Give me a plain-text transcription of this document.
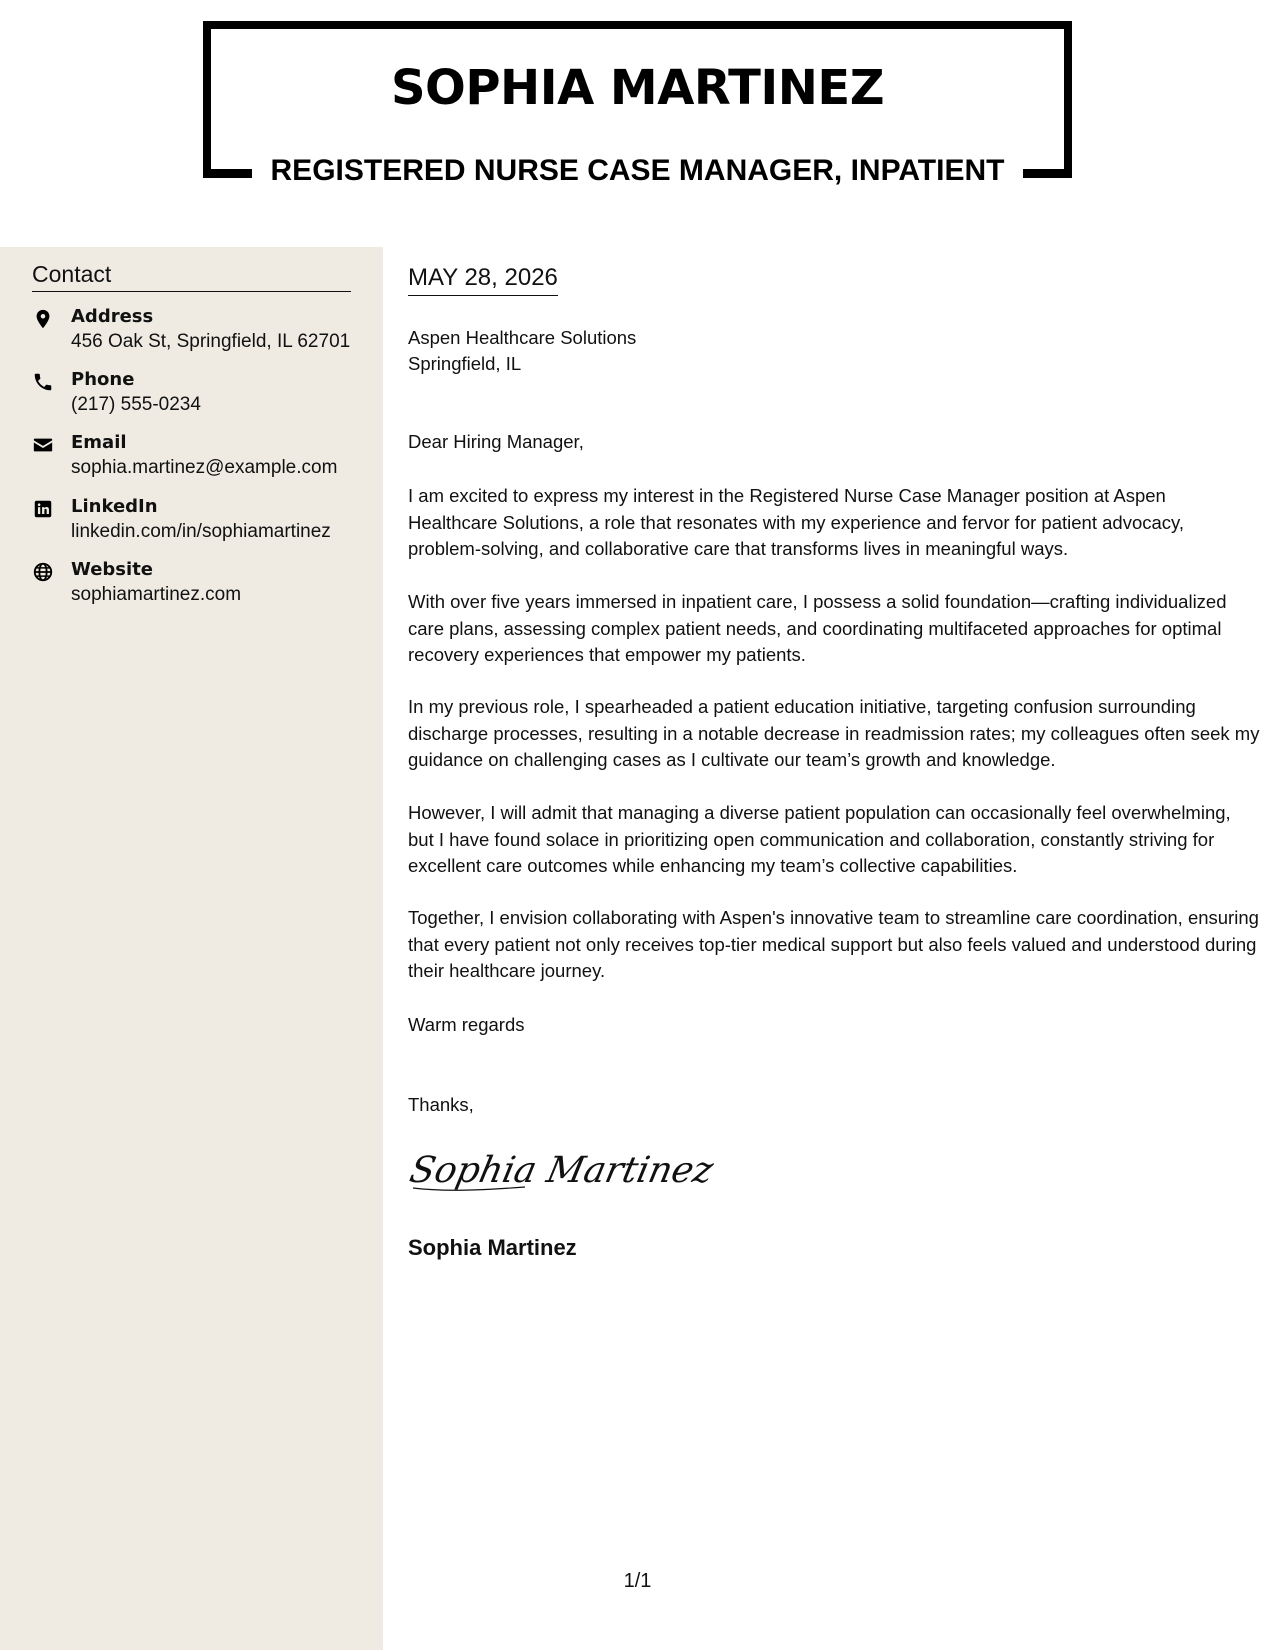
SOPHIA MARTINEZ
REGISTERED NURSE CASE MANAGER, INPATIENT
Contact
Address
456 Oak St, Springfield, IL 62701
Phone
(217) 555-0234
Email
sophia.martinez@example.com
LinkedIn
linkedin.com/in/sophiamartinez
Website
sophiamartinez.com
MAY 28, 2026
Aspen Healthcare Solutions
Springfield, IL
Dear Hiring Manager,

I am excited to express my interest in the Registered Nurse Case Manager position at Aspen Healthcare Solutions, a role that resonates with my experience and fervor for patient advocacy, problem-solving, and collaborative care that transforms lives in meaningful ways.

With over five years immersed in inpatient care, I possess a solid foundation—crafting individualized care plans, assessing complex patient needs, and coordinating multifaceted approaches for optimal recovery experiences that empower my patients.

In my previous role, I spearheaded a patient education initiative, targeting confusion surrounding discharge processes, resulting in a notable decrease in readmission rates; my colleagues often seek my guidance on challenging cases as I cultivate our team’s growth and knowledge.

However, I will admit that managing a diverse patient population can occasionally feel overwhelming, but I have found solace in prioritizing open communication and collaboration, constantly striving for excellent care outcomes while enhancing my team’s collective capabilities.

Together, I envision collaborating with Aspen's innovative team to streamline care coordination, ensuring that every patient not only receives top-tier medical support but also feels valued and understood during their healthcare journey.

Warm regards
Thanks,
Sophia Martinez
Sophia Martinez
1/1
